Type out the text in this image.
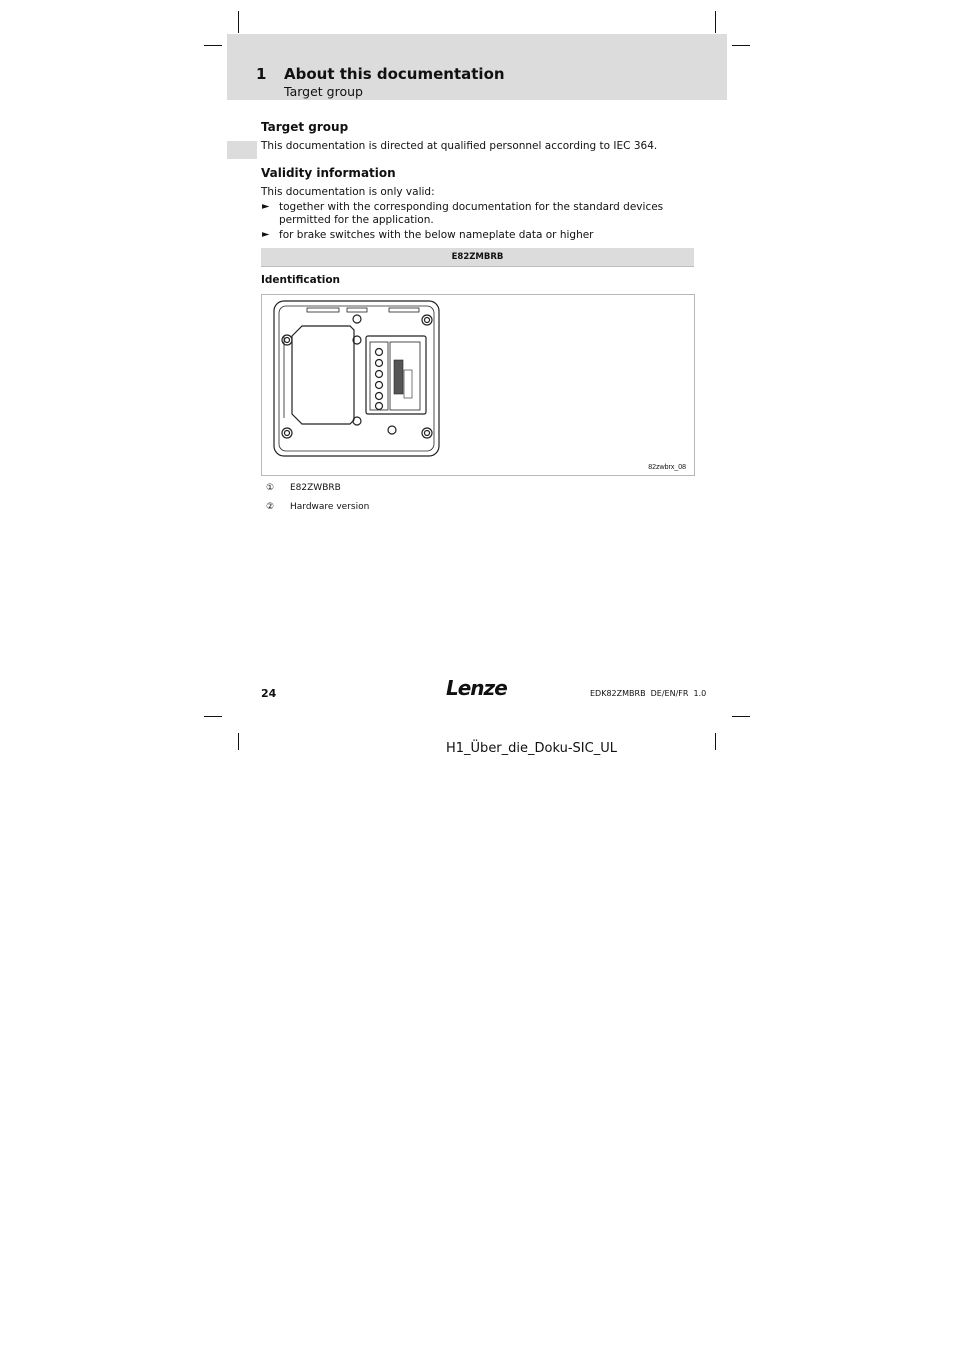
1 About this documentation
Target group
Target group
This documentation is directed at qualified personnel according to IEC 364.
Validity information
This documentation is only valid:
► together with the corresponding documentation for the standard devices permitted for the application.
► for brake switches with the below nameplate data or higher
E82ZMBRB
Identification
82zwbrx_08
① E82ZWBRB
② Hardware version
24	Lenze	EDK82ZMBRB  DE/EN/FR  1.0
H1_Über_die_Doku-SIC_UL
